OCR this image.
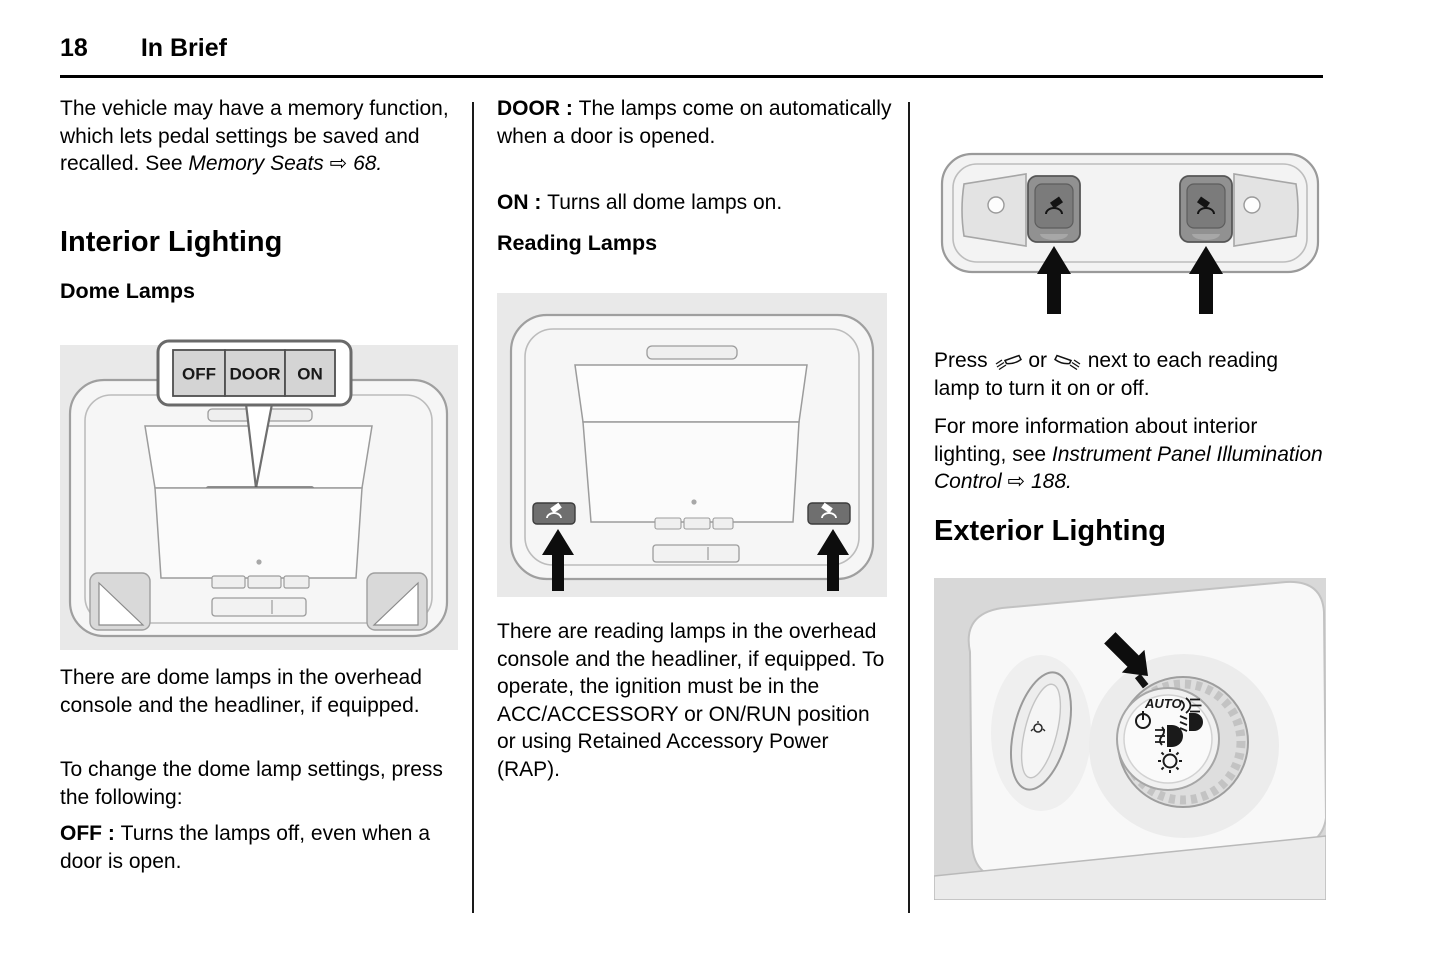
18 In Brief

The vehicle may have a memory function, which lets pedal settings be saved and recalled. See Memory Seats ⇨ 68.

Interior Lighting
Dome Lamps
OFF DOOR ON

There are dome lamps in the overhead console and the headliner, if equipped.

To change the dome lamp settings, press the following:

OFF : Turns the lamps off, even when a door is open.

DOOR : The lamps come on automatically when a door is opened.

ON : Turns all dome lamps on.

Reading Lamps

There are reading lamps in the overhead console and the headliner, if equipped. To operate, the ignition must be in the ACC/ACCESSORY or ON/RUN position or using Retained Accessory Power (RAP).

Press  or  next to each reading lamp to turn it on or off.

For more information about interior lighting, see Instrument Panel Illumination Control ⇨ 188.

Exterior Lighting
AUTO
